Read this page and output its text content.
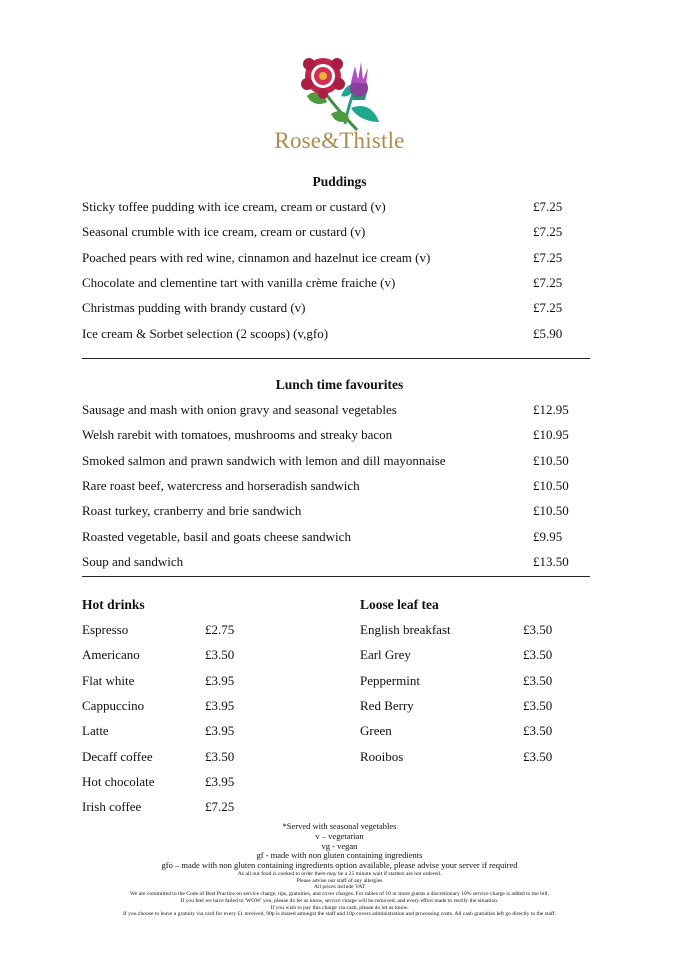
Rose&Thistle
Puddings
Sticky toffee pudding with ice cream, cream or custard (v)	£7.25
Seasonal crumble with ice cream, cream or custard (v)	£7.25
Poached pears with red wine, cinnamon and hazelnut ice cream (v)	£7.25
Chocolate and clementine tart with vanilla crème fraiche (v)	£7.25
Christmas pudding with brandy custard (v)	£7.25
Ice cream & Sorbet selection (2 scoops) (v,gfo)	£5.90
Lunch time favourites
Sausage and mash with onion gravy and seasonal vegetables	£12.95
Welsh rarebit with tomatoes, mushrooms and streaky bacon	£10.95
Smoked salmon and prawn sandwich with lemon and dill mayonnaise	£10.50
Rare roast beef, watercress and horseradish sandwich	£10.50
Roast turkey, cranberry and brie sandwich	£10.50
Roasted vegetable, basil and goats cheese sandwich	£9.95
Soup and sandwich	£13.50
Hot drinks
Espresso	£2.75
Americano	£3.50
Flat white	£3.95
Cappuccino	£3.95
Latte	£3.95
Decaff coffee	£3.50
Hot chocolate	£3.95
Irish coffee	£7.25
Loose leaf tea
English breakfast	£3.50
Earl Grey	£3.50
Peppermint	£3.50
Red Berry	£3.50
Green	£3.50
Rooibos	£3.50
*Served with seasonal vegetables
v – vegetarian
vg - vegan
gf - made with non gluten containing ingredients
gfo – made with non gluten containing ingredients option available, please advise your server if required
As all our food is cooked to order there may be a 25 minute wait if starters are not ordered.
Please advise our staff of any allergies
All prices include VAT
We are committed to the Code of Best Practice on service charge, tips, gratuities, and cover charges. For tables of 10 or more guests a discretionary 10% service charge is added to the bill.
If you feel we have failed to 'WOW' you, please do let us know, service charge will be removed, and every effort made to rectify the situation.
If you wish to pay this charge via cash, please do let us know.
If you choose to leave a gratuity via card for every £1 received, 90p is shared amongst the staff and 10p covers administration and processing costs. All cash gratuities left go directly to the staff.
